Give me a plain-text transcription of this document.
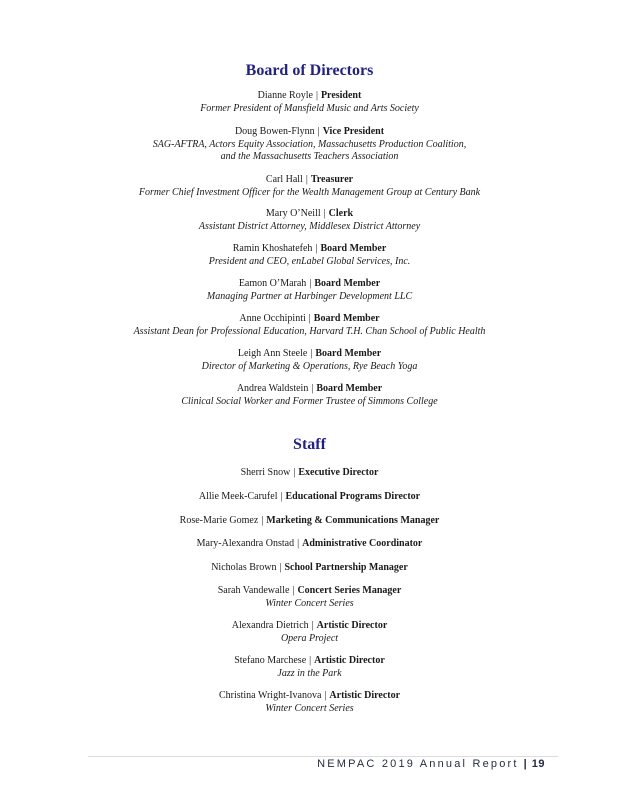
Board of Directors
Dianne Royle | President
Former President of Mansfield Music and Arts Society
Doug Bowen-Flynn | Vice President
SAG-AFTRA, Actors Equity Association, Massachusetts Production Coalition,
and the Massachusetts Teachers Association
Carl Hall | Treasurer
Former Chief Investment Officer for the Wealth Management Group at Century Bank
Mary O’Neill | Clerk
Assistant District Attorney, Middlesex District Attorney
Ramin Khoshatefeh | Board Member
President and CEO, enLabel Global Services, Inc.
Eamon O’Marah | Board Member
Managing Partner at Harbinger Development LLC
Anne Occhipinti | Board Member
Assistant Dean for Professional Education, Harvard T.H. Chan School of Public Health
Leigh Ann Steele | Board Member
Director of Marketing & Operations, Rye Beach Yoga
Andrea Waldstein | Board Member
Clinical Social Worker and Former Trustee of Simmons College
Staff
Sherri Snow | Executive Director
Allie Meek-Carufel | Educational Programs Director
Rose-Marie Gomez | Marketing & Communications Manager
Mary-Alexandra Onstad | Administrative Coordinator
Nicholas Brown | School Partnership Manager
Sarah Vandewalle | Concert Series Manager
Winter Concert Series
Alexandra Dietrich | Artistic Director
Opera Project
Stefano Marchese | Artistic Director
Jazz in the Park
Christina Wright-Ivanova | Artistic Director
Winter Concert Series
NEMPAC 2019 Annual Report | 19
